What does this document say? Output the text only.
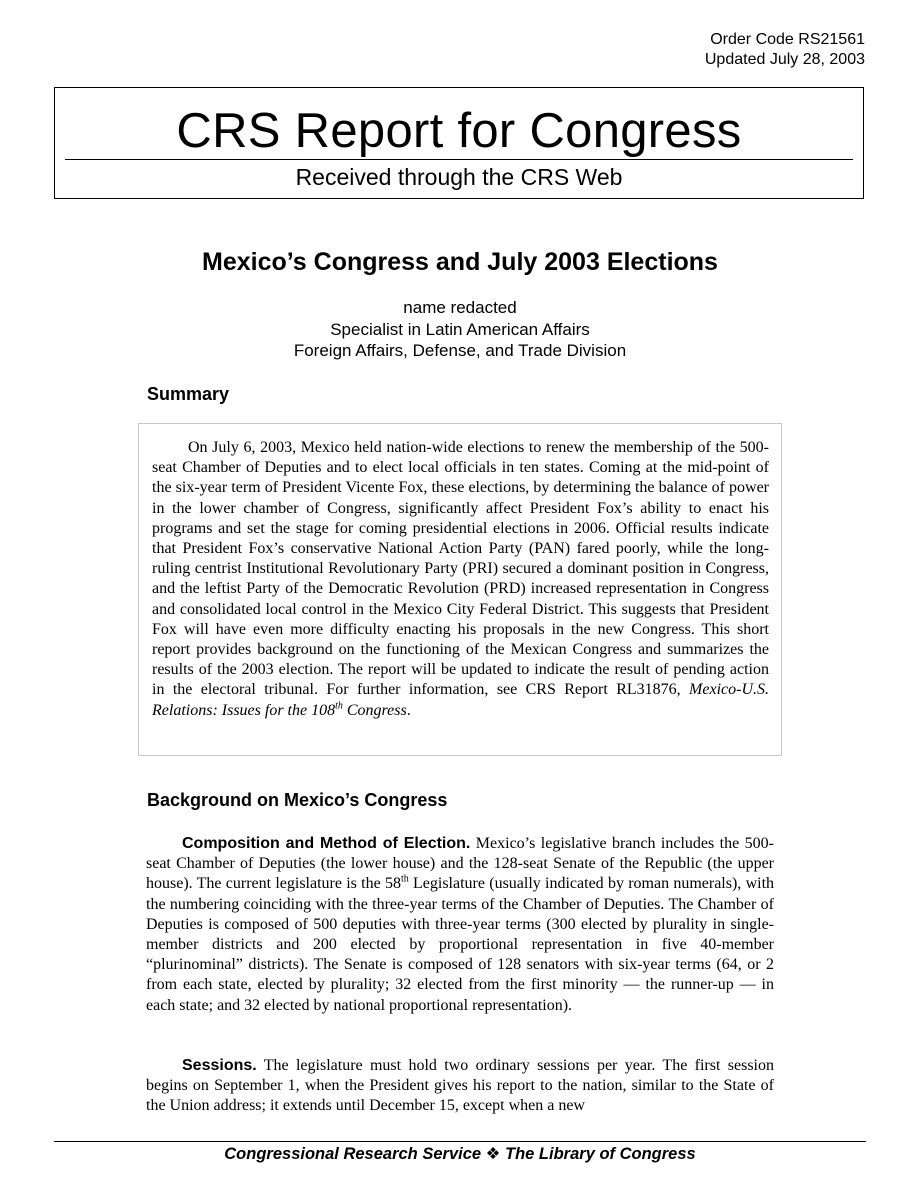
Order Code RS21561
Updated July 28, 2003
CRS Report for Congress
Received through the CRS Web
Mexico’s Congress and July 2003 Elections
name redacted
Specialist in Latin American Affairs
Foreign Affairs, Defense, and Trade Division
Summary

On July 6, 2003, Mexico held nation-wide elections to renew the membership of the 500-seat Chamber of Deputies and to elect local officials in ten states. Coming at the mid-point of the six-year term of President Vicente Fox, these elections, by determining the balance of power in the lower chamber of Congress, significantly affect President Fox’s ability to enact his programs and set the stage for coming presidential elections in 2006. Official results indicate that President Fox’s conservative National Action Party (PAN) fared poorly, while the long-ruling centrist Institutional Revolutionary Party (PRI) secured a dominant position in Congress, and the leftist Party of the Democratic Revolution (PRD) increased representation in Congress and consolidated local control in the Mexico City Federal District. This suggests that President Fox will have even more difficulty enacting his proposals in the new Congress. This short report provides background on the functioning of the Mexican Congress and summarizes the results of the 2003 election. The report will be updated to indicate the result of pending action in the electoral tribunal. For further information, see CRS Report RL31876, Mexico-U.S. Relations: Issues for the 108th Congress.

Background on Mexico’s Congress

Composition and Method of Election. Mexico’s legislative branch includes the 500-seat Chamber of Deputies (the lower house) and the 128-seat Senate of the Republic (the upper house). The current legislature is the 58th Legislature (usually indicated by roman numerals), with the numbering coinciding with the three-year terms of the Chamber of Deputies. The Chamber of Deputies is composed of 500 deputies with three-year terms (300 elected by plurality in single-member districts and 200 elected by proportional representation in five 40-member “plurinominal” districts). The Senate is composed of 128 senators with six-year terms (64, or 2 from each state, elected by plurality; 32 elected from the first minority — the runner-up — in each state; and 32 elected by national proportional representation).

Sessions. The legislature must hold two ordinary sessions per year. The first session begins on September 1, when the President gives his report to the nation, similar to the State of the Union address; it extends until December 15, except when a new

Congressional Research Service ❖ The Library of Congress
